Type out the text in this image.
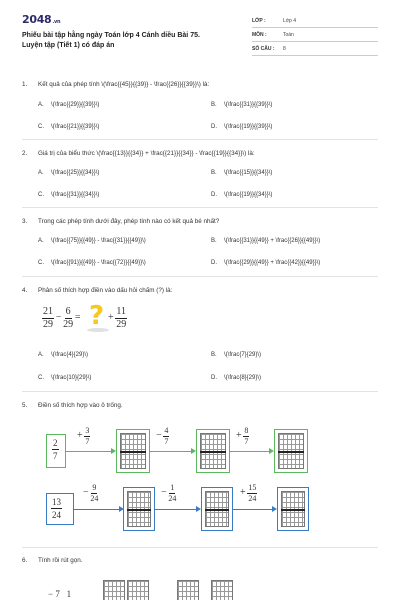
2048.vn
Phiếu bài tập hằng ngày Toán lớp 4 Cánh diều Bài 75. Luyện tập (Tiết 1) có đáp án
LỚP :	Lớp 4
MÔN :	Toán
SỐ CÂU :	8
1. Kết quả của phép tính \(\frac{{45}}{{39}} - \frac{{26}}{{39}}\) là:
A. \(\frac{{29}}{{39}}\)	B. \(\frac{{31}}{{39}}\)
C. \(\frac{{21}}{{39}}\)	D. \(\frac{{19}}{{39}}\)
2. Giá trị của biểu thức \(\frac{{13}}{{34}} + \frac{{21}}{{34}} - \frac{{19}}{{34}}\) là:
A. \(\frac{{25}}{{34}}\)	B. \(\frac{{15}}{{34}}\)
C. \(\frac{{31}}{{34}}\)	D. \(\frac{{19}}{{34}}\)
3. Trong các phép tính dưới đây, phép tính nào có kết quả bé nhất?
A. \(\frac{{75}}{{49}} - \frac{{31}}{{49}}\)	B. \(\frac{{31}}{{49}} + \frac{{26}}{{49}}\)
C. \(\frac{{91}}{{49}} - \frac{{72}}{{49}}\)	D. \(\frac{{29}}{{49}} + \frac{{42}}{{49}}\)
4. Phân số thích hợp điền vào dấu hỏi chấm (?) là:
$\frac{21}{29} - \frac{6}{29}$ = ? + $\frac{11}{29}$
A. \(\frac{4}{29}\)	B. \(\frac{7}{29}\)
C. \(\frac{10}{29}\)	D. \(\frac{8}{29}\)
5. Điền số thích hợp vào ô trống.
2
7
+ $\frac{3}{7}$	− $\frac{4}{7}$	+ $\frac{8}{7}$
13
24
− $\frac{9}{24}$	− $\frac{1}{24}$	+ $\frac{15}{24}$
6. Tính rồi rút gọn.
− 7 1
